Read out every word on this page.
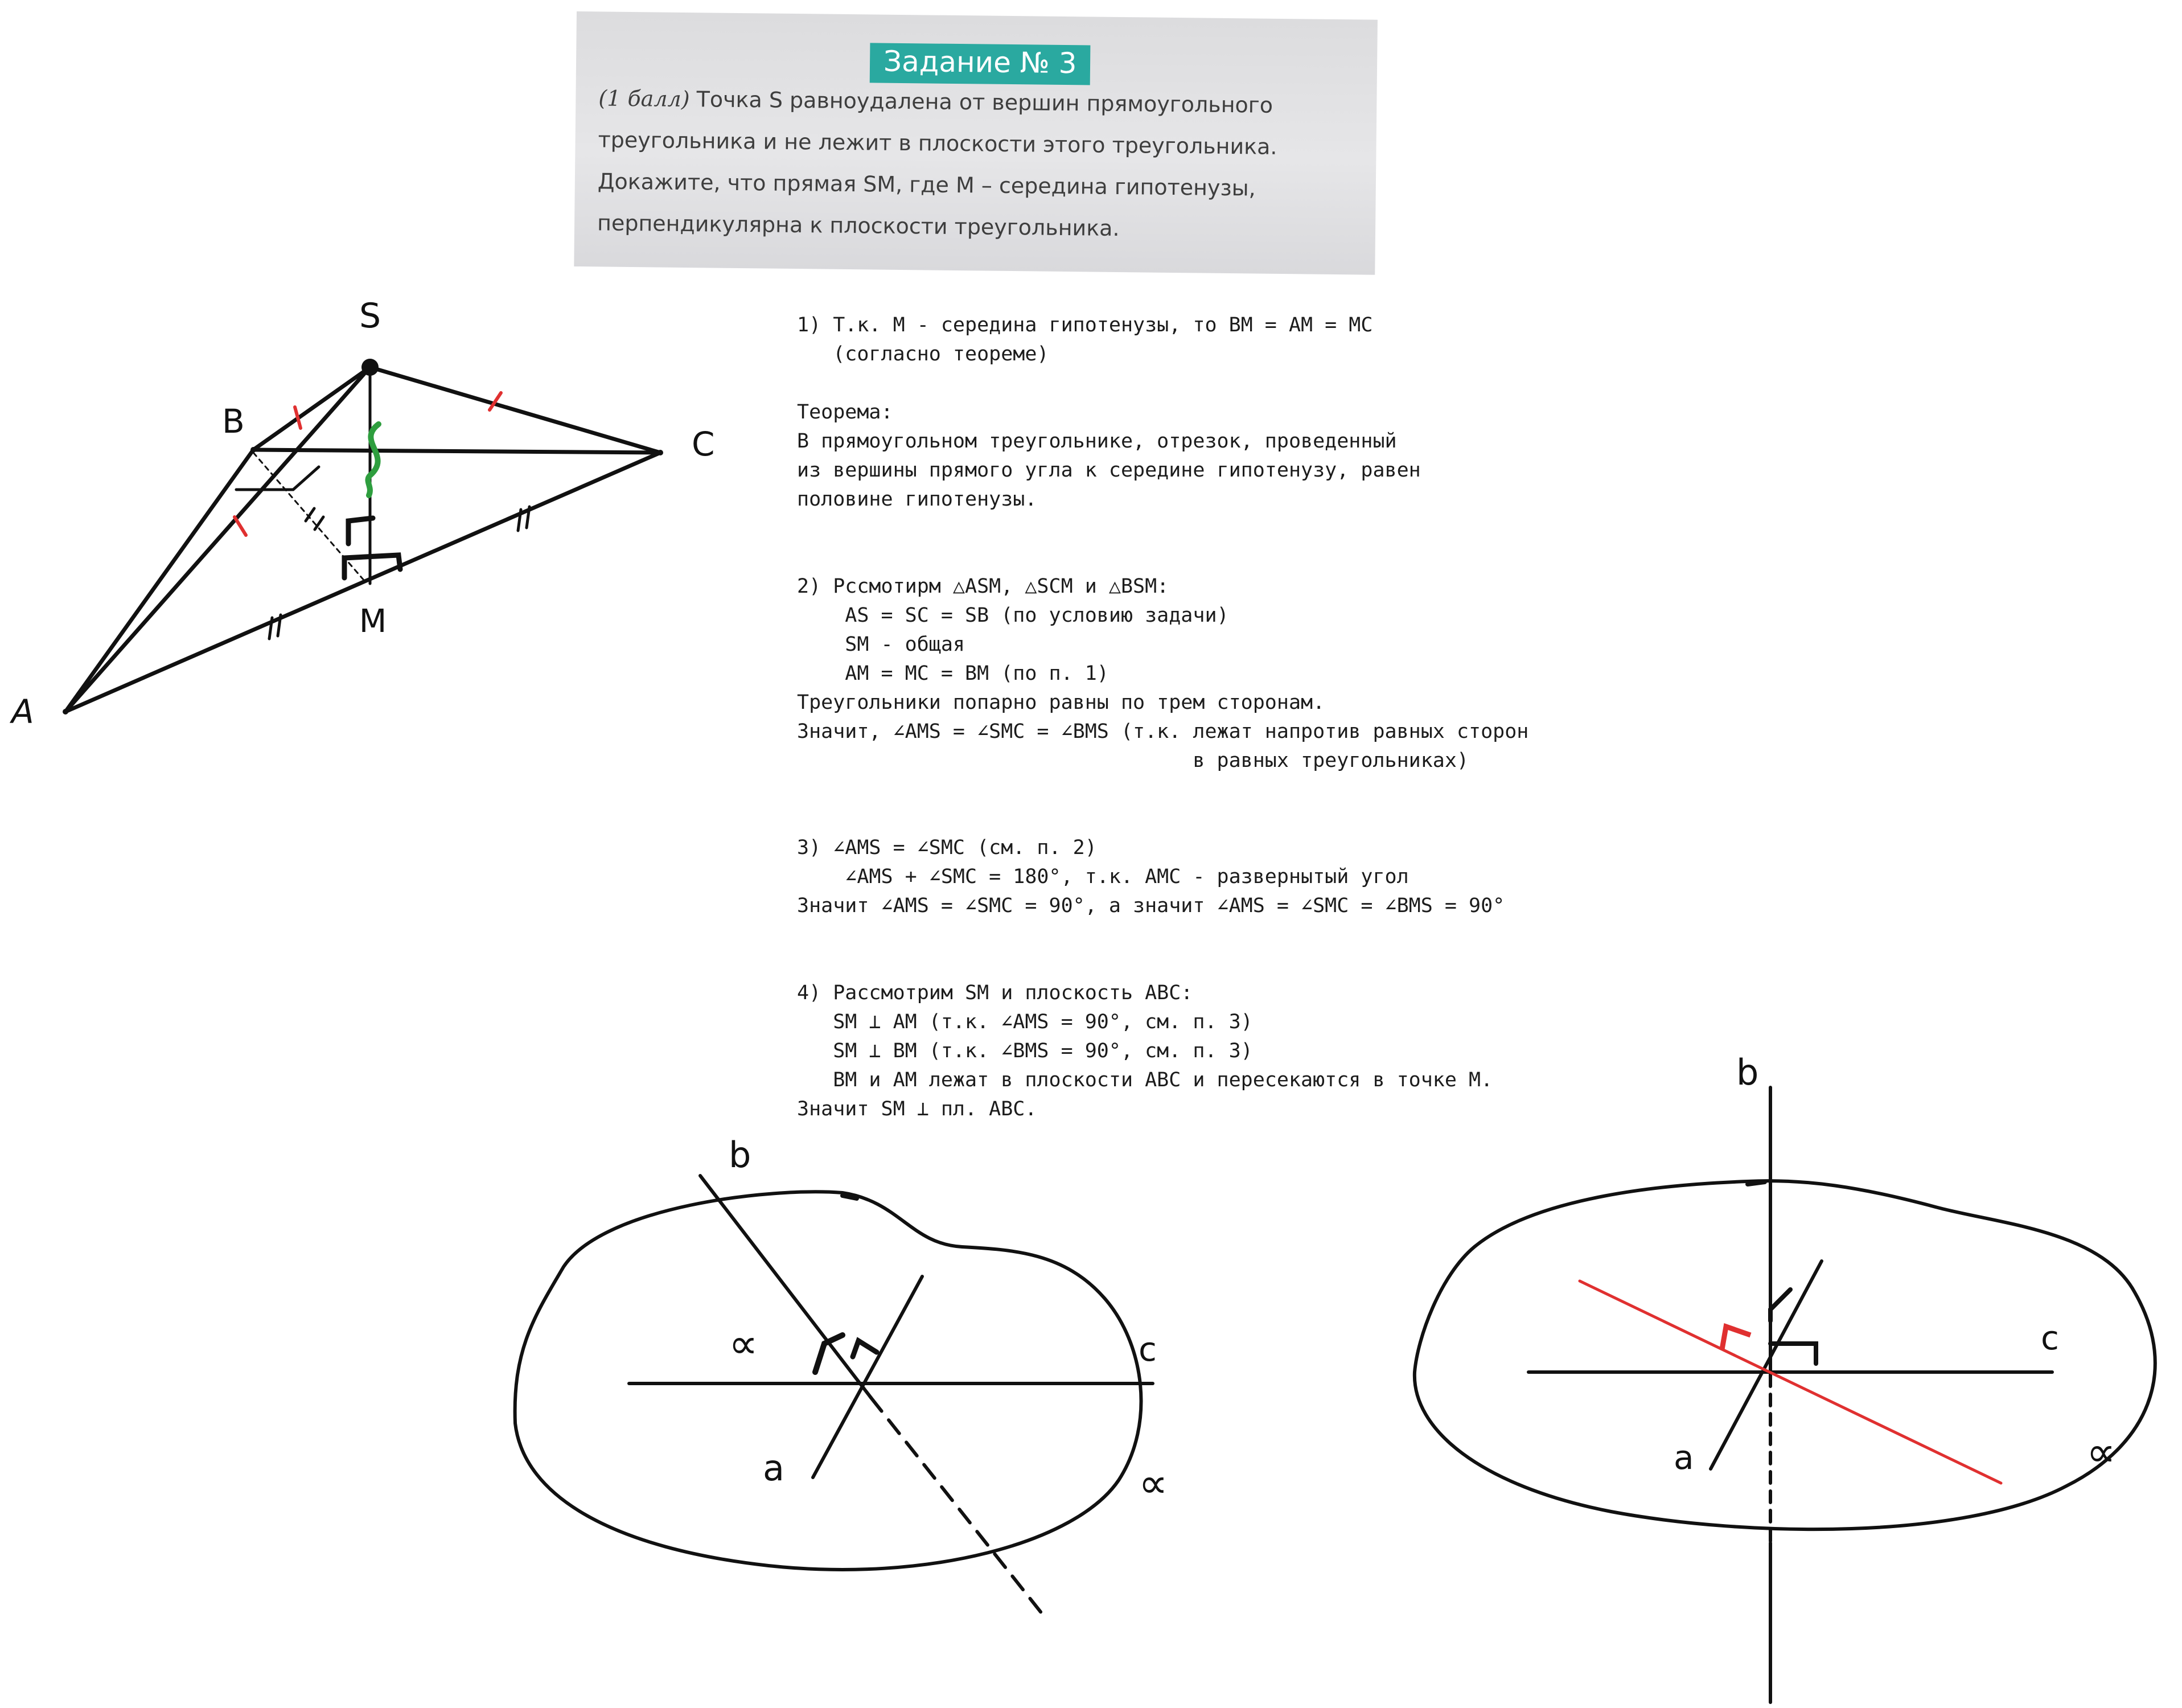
Задание № 3
(1 балл) Точка S равноудалена от вершин прямоугольного
треугольника и не лежит в плоскости этого треугольника.
Докажите, что прямая SM, где M – середина гипотенузы,
перпендикулярна к плоскости треугольника.
S
B
C
A
M
1) Т.к. М - середина гипотенузы, то ВМ = АМ = МС
(согласно теореме)
Теорема:
В прямоугольном треугольнике, отрезок, проведенный
из вершины прямого угла к середине гипотенузу, равен
половине гипотенузы.
2) Рссмотирм △ASM, △SCM и △BSM:
AS = SC = SB (по условию задачи)
SM - общая
AM = MC = BM (по п. 1)
Треугольники попарно равны по трем сторонам.
Значит, ∠AMS = ∠SMC = ∠BMS (т.к. лежат напротив равных сторон
в равных треугольниках)
3) ∠AMS = ∠SMC (см. п. 2)
∠AMS + ∠SMC = 180°, т.к. AMC - развернытый угол
Значит ∠AMS = ∠SMC = 90°, а значит ∠AMS = ∠SMC = ∠BMS = 90°
4) Рассмотрим SM и плоскость ABC:
SM ⊥ AM (т.к. ∠AMS = 90°, см. п. 3)
SM ⊥ BM (т.к. ∠BMS = 90°, см. п. 3)
BM и AM лежат в плоскости ABC и пересекаются в точке M.
Значит SM ⊥ пл. ABC.
b
c
a
∝
∝
b
c
a	∝
